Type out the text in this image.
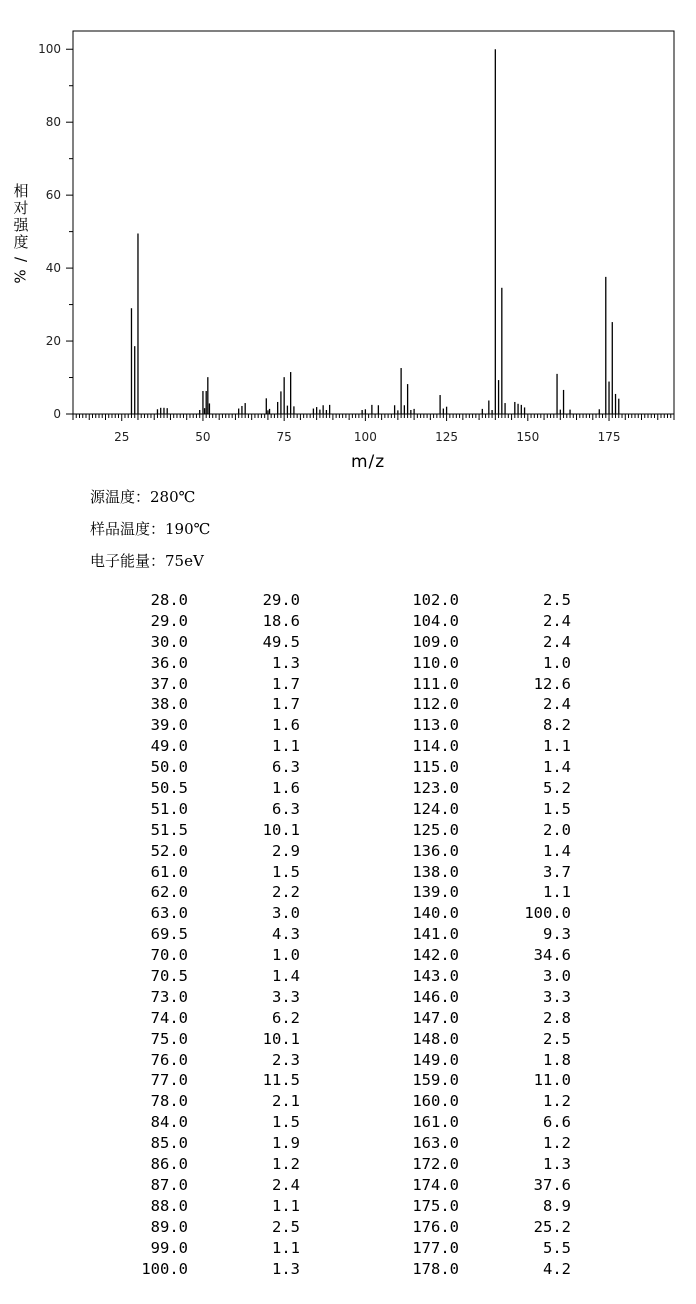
25	50	75	100	125	150	175
0
20
40
60
80
100
相
对
强
度
/%
m/z
源温度：280℃
样品温度：190℃
电子能量：75eV
28.0	29.0
29.0	18.6
30.0	49.5
36.0	1.3
37.0	1.7
38.0	1.7
39.0	1.6
49.0	1.1
50.0	6.3
50.5	1.6
51.0	6.3
51.5	10.1
52.0	2.9
61.0	1.5
62.0	2.2
63.0	3.0
69.5	4.3
70.0	1.0
70.5	1.4
73.0	3.3
74.0	6.2
75.0	10.1
76.0	2.3
77.0	11.5
78.0	2.1
84.0	1.5
85.0	1.9
86.0	1.2
87.0	2.4
88.0	1.1
89.0	2.5
99.0	1.1
100.0	1.3
102.0	2.5
104.0	2.4
109.0	2.4
110.0	1.0
111.0	12.6
112.0	2.4
113.0	8.2
114.0	1.1
115.0	1.4
123.0	5.2
124.0	1.5
125.0	2.0
136.0	1.4
138.0	3.7
139.0	1.1
140.0	100.0
141.0	9.3
142.0	34.6
143.0	3.0
146.0	3.3
147.0	2.8
148.0	2.5
149.0	1.8
159.0	11.0
160.0	1.2
161.0	6.6
163.0	1.2
172.0	1.3
174.0	37.6
175.0	8.9
176.0	25.2
177.0	5.5
178.0	4.2
